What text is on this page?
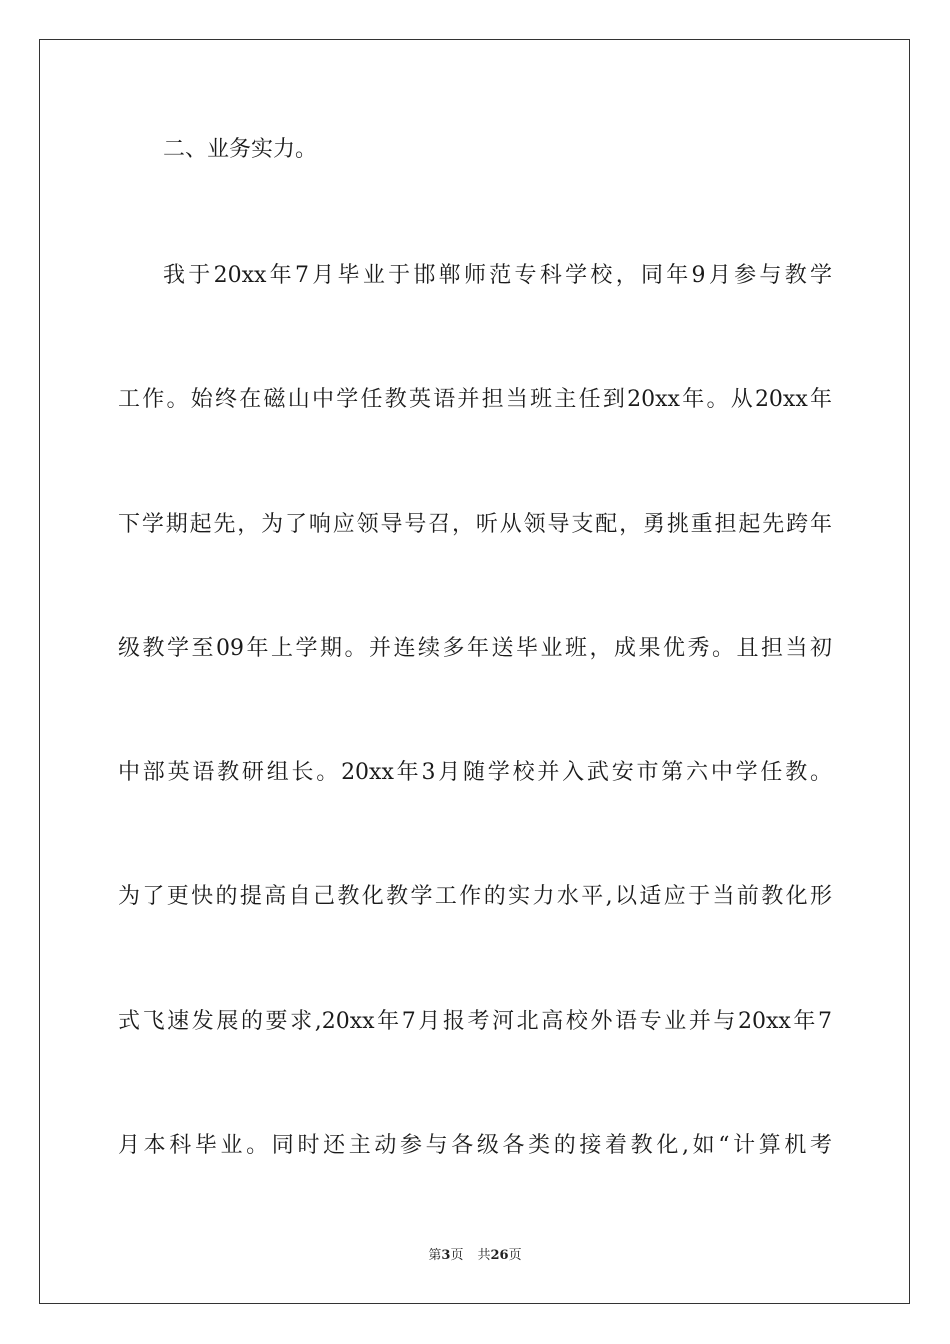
二、业务实力。
我于20xx年7月毕业于邯郸师范专科学校，同年9月参与教学
工作。始终在磁山中学任教英语并担当班主任到20xx年。从20xx年
下学期起先，为了响应领导号召，听从领导支配，勇挑重担起先跨年
级教学至09年上学期。并连续多年送毕业班，成果优秀。且担当初
中部英语教研组长。20xx年3月随学校并入武安市第六中学任教。
为了更快的提高自己教化教学工作的实力水平,以适应于当前教化形
式飞速发展的要求,20xx年7月报考河北高校外语专业并与20xx年7
月本科毕业。同时还主动参与各级各类的接着教化,如“计算机考
第3页 共26页
